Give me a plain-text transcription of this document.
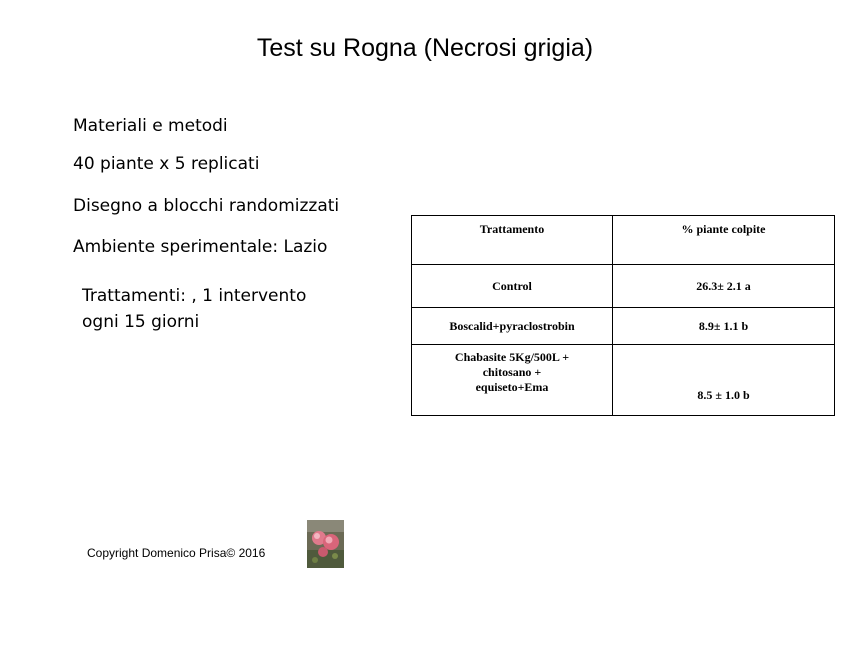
Test su Rogna (Necrosi grigia)
Materiali e metodi
40 piante x 5 replicati
Disegno a blocchi randomizzati
Ambiente sperimentale: Lazio
Trattamenti: , 1 intervento
ogni 15 giorni
Trattamento	% piante colpite
Control	26.3± 2.1 a
Boscalid+pyraclostrobin	8.9± 1.1 b

Chabasite 5Kg/500L +
chitosano +
equiseto+Ema	8.5 ± 1.0 b
Copyright Domenico Prisa© 2016
